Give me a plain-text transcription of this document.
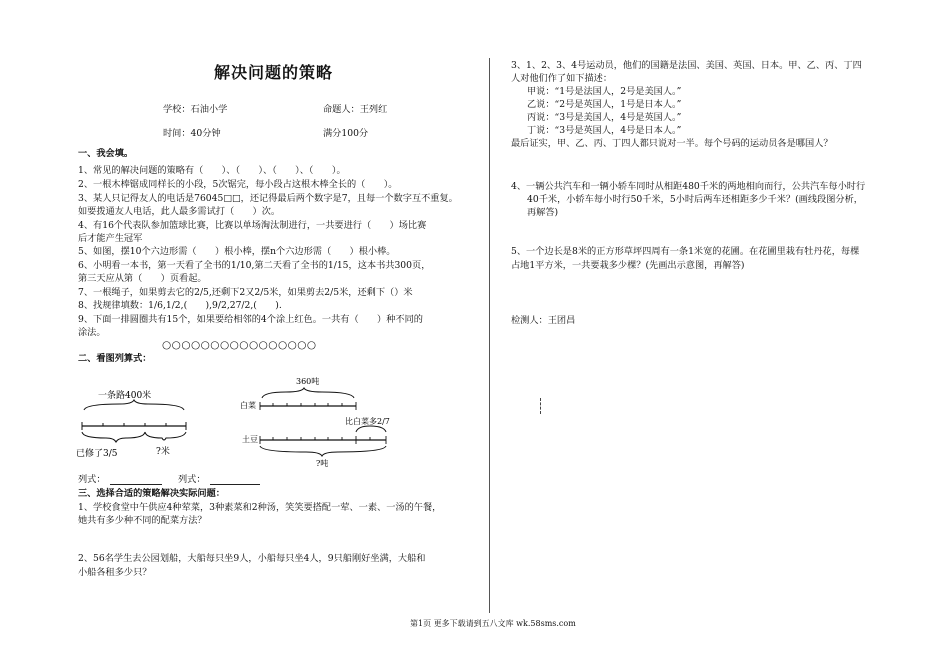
解决问题的策略
学校：石油小学	命题人：王列红
时间：40分钟	满分100分
一、我会填。
1、常见的解决问题的策略有（　　）、（　　）、（　　）、（　　）。
2、一根木棒锯成同样长的小段，5次锯完，每小段占这根木棒全长的（　　）。
3、某人只记得友人的电话是76045□□，还记得最后两个数字是7，且每一个数字互不重复。
如要拨通友人电话，此人最多需试打（　　）次。
4、有16个代表队参加篮球比赛，比赛以单场淘汰制进行，一共要进行（　　）场比赛
后才能产生冠军
5、如图，摆10个六边形需（　　）根小棒，摆n个六边形需（　　）根小棒。
6、小明看一本书，第一天看了全书的1/10,第二天看了全书的1/15，这本书共300页，
第三天应从第（　　）页看起。
7、一根绳子，如果剪去它的2/5,还剩下2又2/5米，如果剪去2/5米，还剩下（）米
8、找规律填数：1/6,1/2,(　　),9/2,27/2,(　　).
9、下面一排圆圈共有15个，如果要给相邻的4个涂上红色。一共有（　　）种不同的
涂法。
○○○○○○○○○○○○○○○○
二、看图列算式：
一条路400米
已修了3/5	?米
360吨
白菜
比白菜多2/7
土豆
?吨
列式：	列式：
三、选择合适的策略解决实际问题：
1、学校食堂中午供应4种荤菜，3种素菜和2种汤，笑笑要搭配一荤、一素、一汤的午餐，
她共有多少种不同的配菜方法？
2、56名学生去公园划船，大船每只坐9人，小船每只坐4人，9只船刚好坐满，大船和
小船各租多少只？
3、1、2、3、4号运动员，他们的国籍是法国、美国、英国、日本。甲、乙、丙、丁四
人对他们作了如下描述：
甲说：“1号是法国人，2号是美国人。”
乙说：“2号是英国人，1号是日本人。”
丙说：“3号是美国人，4号是英国人。”
丁说：“3号是英国人，4号是日本人。”
最后证实，甲、乙、丙、丁四人都只说对一半。每个号码的运动员各是哪国人？
4、一辆公共汽车和一辆小轿车同时从相距480千米的两地相向而行，公共汽车每小时行
40千米，小轿车每小时行50千米，5小时后两车还相距多少千米？(画线段图分析，
再解答)
5、一个边长是8米的正方形草坪四周有一条1米宽的花圃。在花圃里栽有牡丹花，每棵
占地1平方米，一共要栽多少棵？(先画出示意图，再解答)
检测人：王团昌
第1页 更多下载请到五八文库 wk.58sms.com
